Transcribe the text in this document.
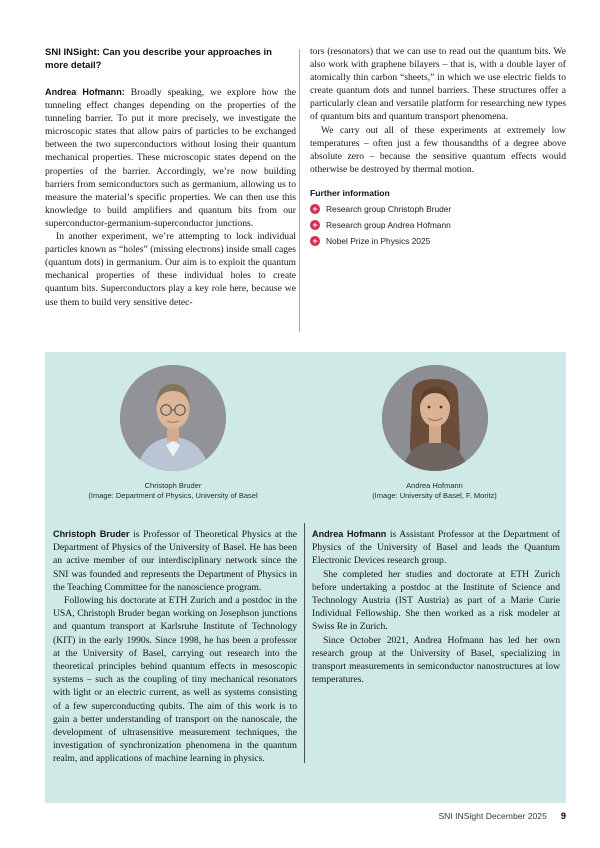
SNI INSight: Can you describe your approaches in more detail?

Andrea Hofmann: Broadly speaking, we explore how the tunneling effect changes depending on the properties of the tunneling barrier. To put it more precisely, we investigate the microscopic states that allow pairs of particles to be exchanged between the two superconductors without losing their quantum mechanical properties. These microscopic states depend on the properties of the barrier. Accordingly, we’re now building barriers from semiconductors such as germanium, allowing us to measure the material’s specific properties. We can then use this knowledge to build amplifiers and quantum bits from our superconductor-germanium-superconductor junctions.

In another experiment, we’re attempting to lock individual particles known as “holes” (missing electrons) inside small cages (quantum dots) in germanium. Our aim is to exploit the quantum mechanical properties of these individual holes to create quantum bits. Superconductors play a key role here, because we use them to build very sensitive detec-

tors (resonators) that we can use to read out the quantum bits. We also work with graphene bilayers – that is, with a double layer of atomically thin carbon “sheets,” in which we use electric fields to create quantum dots and tunnel barriers. These structures offer a particularly clean and versatile platform for researching new types of quantum bits and quantum transport phenomena.

We carry out all of these experiments at extremely low temperatures – often just a few thousandths of a degree above absolute zero – because the sensitive quantum effects would otherwise be destroyed by thermal motion.

Further information
+ Research group Christoph Bruder
+ Research group Andrea Hofmann
+ Nobel Prize in Physics 2025
Christoph Bruder
(Image: Department of Physics, University of Basel
Andrea Hofmann
(Image: University of Basel, F. Moritz)

Christoph Bruder is Professor of Theoretical Physics at the Department of Physics of the University of Basel. He has been an active member of our interdisciplinary network since the SNI was founded and represents the Department of Physics in the Teaching Committee for the nanoscience program.

Following his doctorate at ETH Zurich and a postdoc in the USA, Christoph Bruder began working on Josephson junctions and quantum transport at Karlsruhe Institute of Technology (KIT) in the early 1990s. Since 1998, he has been a professor at the University of Basel, carrying out research into the theoretical principles behind quantum effects in mesoscopic systems – such as the coupling of tiny mechanical resonators with light or an electric current, as well as systems consisting of a few superconducting qubits. The aim of this work is to gain a better understanding of transport on the nanoscale, the development of ultrasensitive measurement techniques, the investigation of synchronization phenomena in the quantum realm, and applications of machine learning in physics.

Andrea Hofmann is Assistant Professor at the Department of Physics of the University of Basel and leads the Quantum Electronic Devices research group.

She completed her studies and doctorate at ETH Zurich before undertaking a postdoc at the Institute of Science and Technology Austria (IST Austria) as part of a Marie Curie Individual Fellowship. She then worked as a risk modeler at Swiss Re in Zurich.

Since October 2021, Andrea Hofmann has led her own research group at the University of Basel, specializing in transport measurements in semiconductor nanostructures at low temperatures.

SNI INSight December 2025 9
